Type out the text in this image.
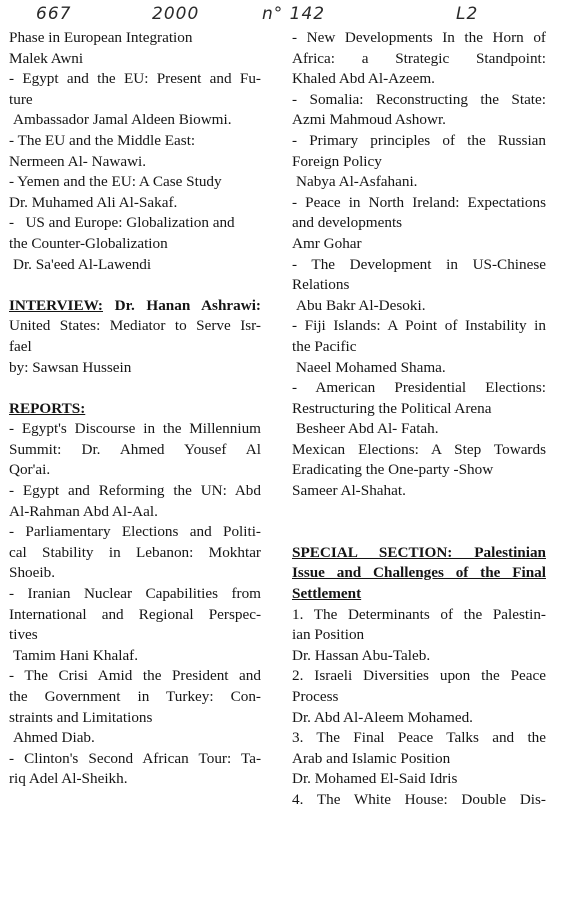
667	2000	n° 142	L2
Phase in European Integration
Malek Awni
- Egypt and the EU: Present and Fu-
ture
Ambassador Jamal Aldeen Biowmi.
- The EU and the Middle East:
Nermeen Al- Nawawi.
- Yemen and the EU: A Case Study
Dr. Muhamed Ali Al-Sakaf.
-   US and Europe: Globalization and
the Counter-Globalization
Dr. Sa'eed Al-Lawendi
INTERVIEW: Dr. Hanan Ashrawi:
United States: Mediator to Serve Isr-
fael
by: Sawsan Hussein
REPORTS:
- Egypt's Discourse in the Millennium
Summit: Dr. Ahmed Yousef Al
Qor'ai.
- Egypt and Reforming the UN: Abd
Al-Rahman Abd Al-Aal.
- Parliamentary Elections and Politi-
cal Stability in Lebanon: Mokhtar
Shoeib.
- Iranian Nuclear Capabilities from
International and Regional Perspec-
tives
Tamim Hani Khalaf.
- The Crisi Amid the President and
the Government in Turkey: Con-
straints and Limitations
Ahmed Diab.
- Clinton's Second African Tour: Ta-
riq Adel Al-Sheikh.
- New Developments In the Horn of
Africa: a Strategic Standpoint:
Khaled Abd Al-Azeem.
- Somalia: Reconstructing the State:
Azmi Mahmoud Ashowr.
- Primary principles of the Russian
Foreign Policy
Nabya Al-Asfahani.
- Peace in North Ireland: Expectations
and developments
Amr Gohar
- The Development in US-Chinese
Relations
Abu Bakr Al-Desoki.
- Fiji Islands: A Point of Instability in
the Pacific
Naeel Mohamed Shama.
- American Presidential Elections:
Restructuring the Political Arena
Besheer Abd Al- Fatah.
Mexican Elections: A Step Towards
Eradicating the One-party -Show
Sameer Al-Shahat.
SPECIAL SECTION: Palestinian
Issue and Challenges of the Final
Settlement
1. The Determinants of the Palestin-
ian Position
Dr. Hassan Abu-Taleb.
2. Israeli Diversities upon the Peace
Process
Dr. Abd Al-Aleem Mohamed.
3. The Final Peace Talks and the
Arab and Islamic Position
Dr. Mohamed El-Said Idris
4. The White House: Double Dis-
